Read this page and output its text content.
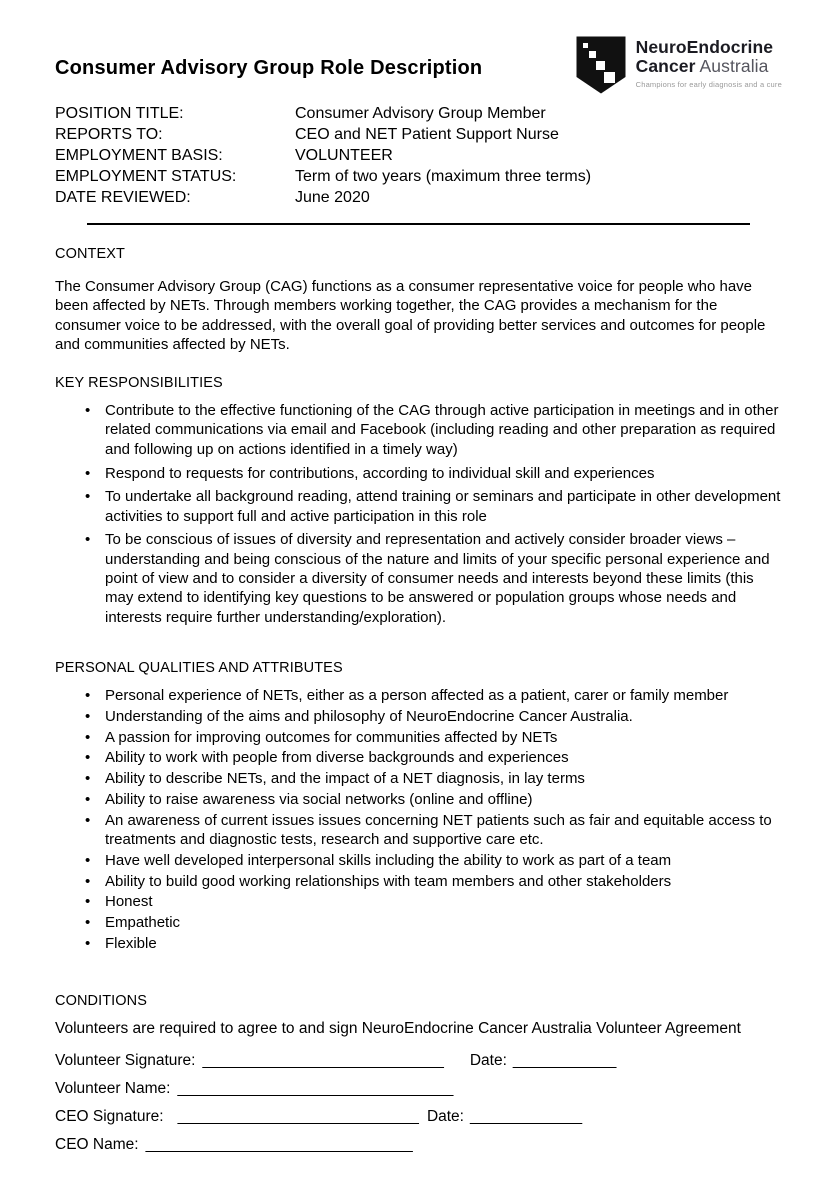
Consumer Advisory Group Role Description
NeuroEndocrine
Cancer Australia
Champions for early diagnosis and a cure
POSITION TITLE:	Consumer Advisory Group Member
REPORTS TO:	CEO and NET Patient Support Nurse
EMPLOYMENT BASIS:	VOLUNTEER
EMPLOYMENT STATUS:	Term of two years (maximum three terms)
DATE REVIEWED:	June 2020
CONTEXT
The Consumer Advisory Group (CAG) functions as a consumer representative voice for people who have been affected by NETs. Through members working together, the CAG provides a mechanism for the consumer voice to be addressed, with the overall goal of providing better services and outcomes for people and communities affected by NETs.
KEY RESPONSIBILITIES
• Contribute to the effective functioning of the CAG through active participation in meetings and in other related communications via email and Facebook (including reading and other preparation as required and following up on actions identified in a timely way)
• Respond to requests for contributions, according to individual skill and experiences
• To undertake all background reading, attend training or seminars and participate in other development activities to support full and active participation in this role
• To be conscious of issues of diversity and representation and actively consider broader views – understanding and being conscious of the nature and limits of your specific personal experience and point of view and to consider a diversity of consumer needs and interests beyond these limits (this may extend to identifying key questions to be answered or population groups whose needs and interests require further understanding/exploration).
PERSONAL QUALITIES AND ATTRIBUTES
• Personal experience of NETs, either as a person affected as a patient, carer or family member
• Understanding of the aims and philosophy of NeuroEndocrine Cancer Australia.
• A passion for improving outcomes for communities affected by NETs
• Ability to work with people from diverse backgrounds and experiences
• Ability to describe NETs, and the impact of a NET diagnosis, in lay terms
• Ability to raise awareness via social networks (online and offline)
• An awareness of current issues issues concerning NET patients such as fair and equitable access to treatments and diagnostic tests, research and supportive care etc.
• Have well developed interpersonal skills including the ability to work as part of a team
• Ability to build good working relationships with team members and other stakeholders
• Honest
• Empathetic
• Flexible
CONDITIONS
Volunteers are required to agree to and sign NeuroEndocrine Cancer Australia Volunteer Agreement
Volunteer Signature: ____________________________ Date: ____________
Volunteer Name: ________________________________
CEO Signature: ____________________________ Date: _____________
CEO Name: _______________________________
